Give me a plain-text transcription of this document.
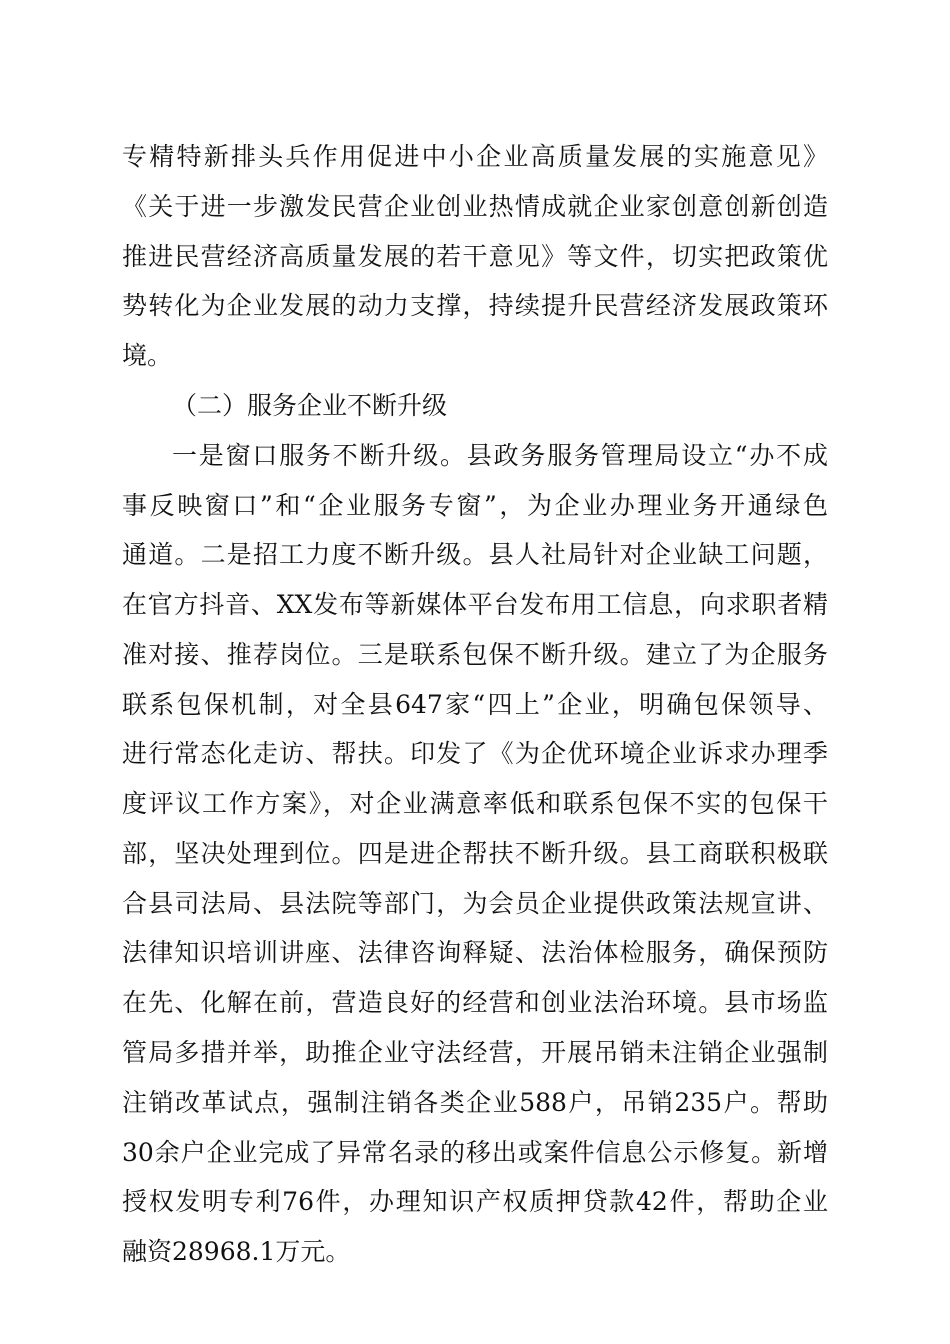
专精特新排头兵作用促进中小企业高质量发展的实施意见》
《关于进一步激发民营企业创业热情成就企业家创意创新创造
推进民营经济高质量发展的若干意见》等文件，切实把政策优
势转化为企业发展的动力支撑，持续提升民营经济发展政策环
境。
（二）服务企业不断升级
一是窗口服务不断升级。县政务服务管理局设立“办不成
事反映窗口”和“企业服务专窗”，为企业办理业务开通绿色
通道。二是招工力度不断升级。县人社局针对企业缺工问题，
在官方抖音、XX发布等新媒体平台发布用工信息，向求职者精
准对接、推荐岗位。三是联系包保不断升级。建立了为企服务
联系包保机制，对全县647家“四上”企业，明确包保领导、
进行常态化走访、帮扶。印发了《为企优环境企业诉求办理季
度评议工作方案》，对企业满意率低和联系包保不实的包保干
部，坚决处理到位。四是进企帮扶不断升级。县工商联积极联
合县司法局、县法院等部门，为会员企业提供政策法规宣讲、
法律知识培训讲座、法律咨询释疑、法治体检服务，确保预防
在先、化解在前，营造良好的经营和创业法治环境。县市场监
管局多措并举，助推企业守法经营，开展吊销未注销企业强制
注销改革试点，强制注销各类企业588户，吊销235户。帮助
30余户企业完成了异常名录的移出或案件信息公示修复。新增
授权发明专利76件，办理知识产权质押贷款42件，帮助企业
融资28968.1万元。
